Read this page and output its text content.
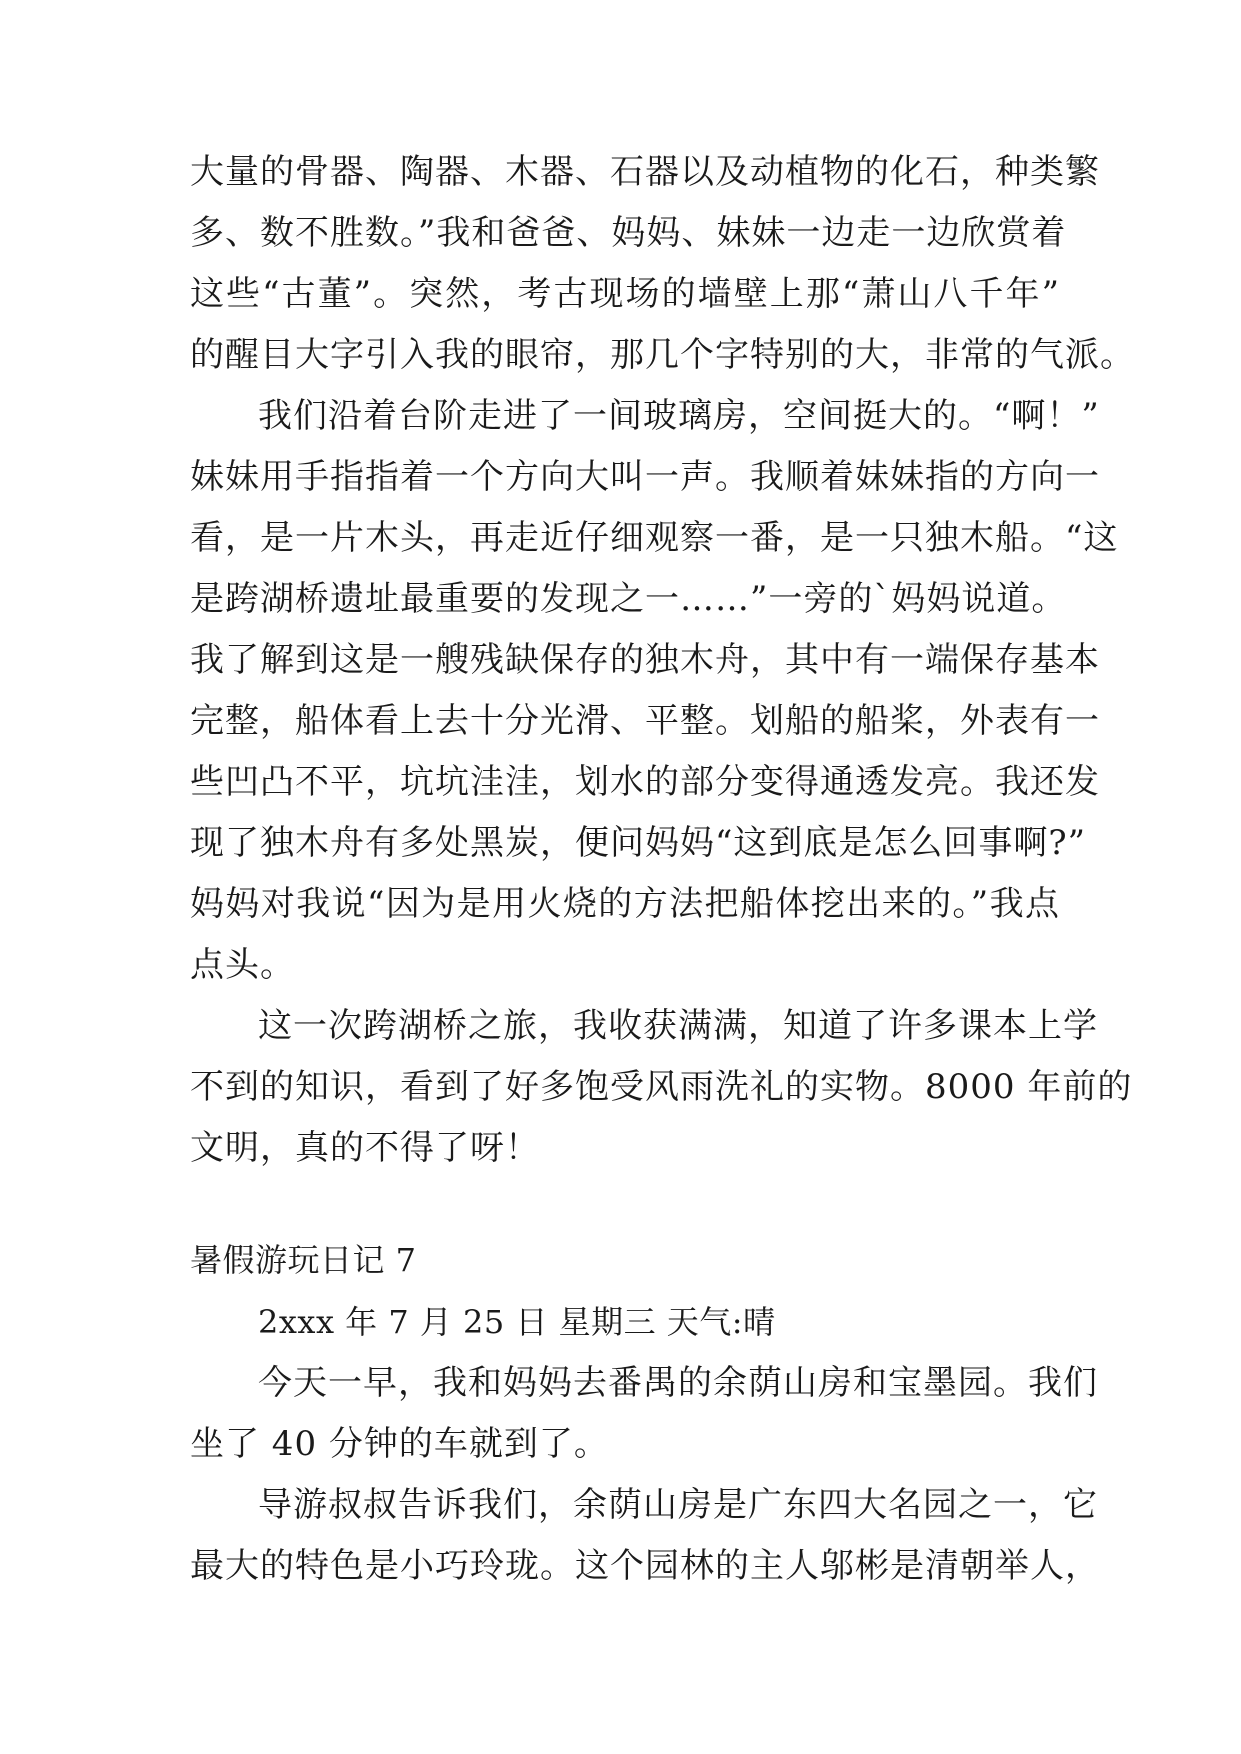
大量的骨器、陶器、木器、石器以及动植物的化石，种类繁
多、数不胜数。”我和爸爸、妈妈、妹妹一边走一边欣赏着
这些“古董”。突然，考古现场的墙壁上那“萧山八千年”
的醒目大字引入我的眼帘，那几个字特别的大，非常的气派。
我们沿着台阶走进了一间玻璃房，空间挺大的。“啊！”
妹妹用手指指着一个方向大叫一声。我顺着妹妹指的方向一
看，是一片木头，再走近仔细观察一番，是一只独木船。“这
是跨湖桥遗址最重要的发现之一……”一旁的`妈妈说道。
我了解到这是一艘残缺保存的独木舟，其中有一端保存基本
完整，船体看上去十分光滑、平整。划船的船桨，外表有一
些凹凸不平，坑坑洼洼，划水的部分变得通透发亮。我还发
现了独木舟有多处黑炭，便问妈妈“这到底是怎么回事啊?”
妈妈对我说“因为是用火烧的方法把船体挖出来的。”我点
点头。
这一次跨湖桥之旅，我收获满满，知道了许多课本上学
不到的知识，看到了好多饱受风雨洗礼的实物。8000 年前的
文明，真的不得了呀！
暑假游玩日记 7
2xxx 年 7 月 25 日 星期三 天气:晴
今天一早，我和妈妈去番禺的余荫山房和宝墨园。我们
坐了 40 分钟的车就到了。
导游叔叔告诉我们，余荫山房是广东四大名园之一，它
最大的特色是小巧玲珑。这个园林的主人邬彬是清朝举人，
